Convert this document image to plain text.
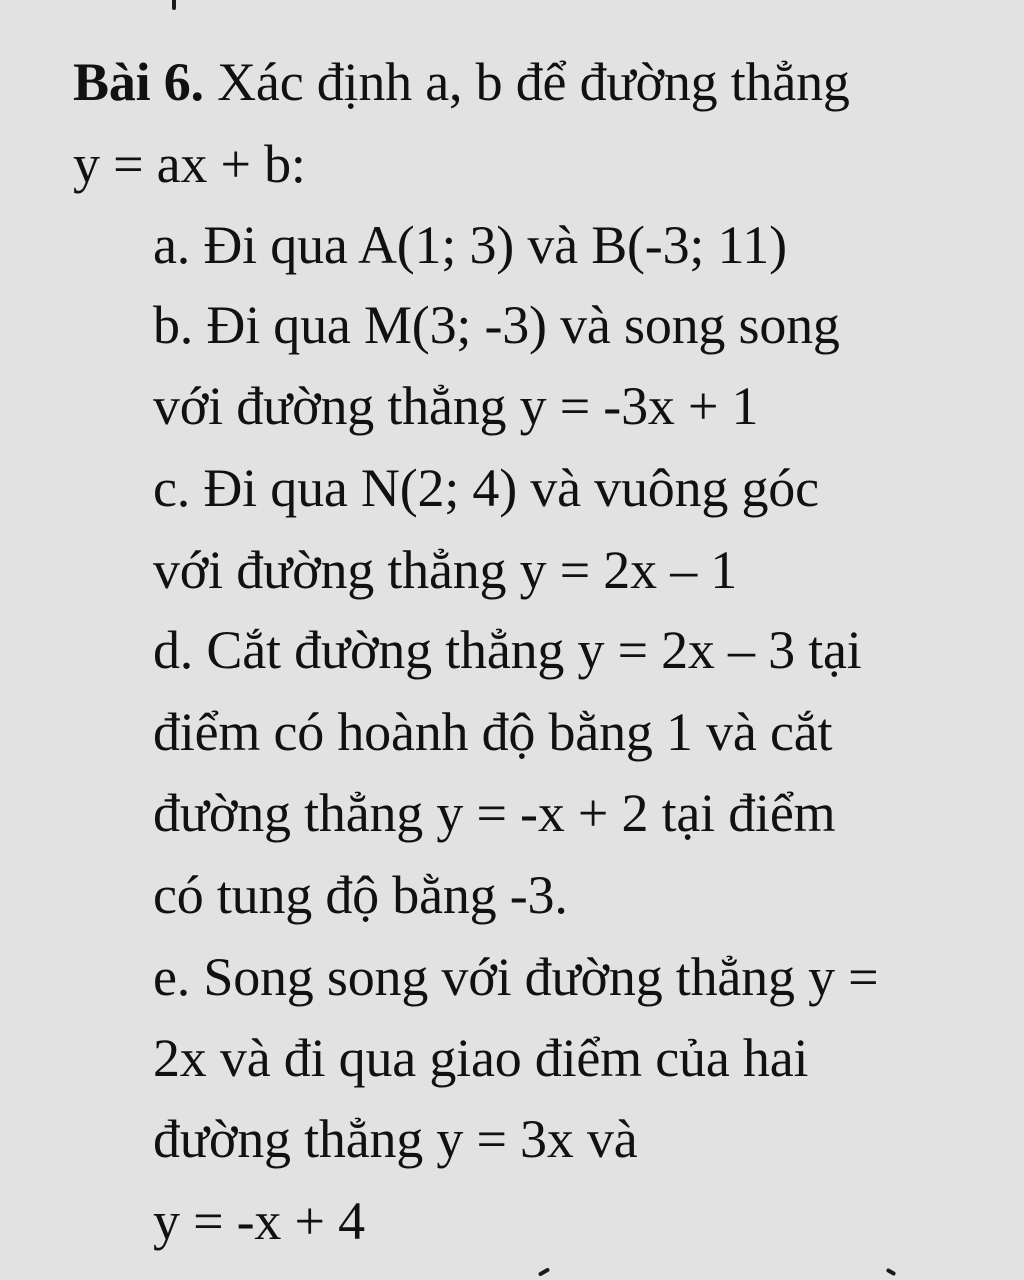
Bài 6. Xác định a, b để đường thẳng
y = ax + b:
a. Đi qua A(1; 3) và B(-3; 11)
b. Đi qua M(3; -3) và song song
với đường thẳng y = -3x + 1
c. Đi qua N(2; 4) và vuông góc
với đường thẳng y = 2x – 1
d. Cắt đường thẳng y = 2x – 3 tại
điểm có hoành độ bằng 1 và cắt
đường thẳng y = -x + 2 tại điểm
có tung độ bằng -3.
e. Song song với đường thẳng y =
2x và đi qua giao điểm của hai
đường thẳng y = 3x và
y = -x + 4
